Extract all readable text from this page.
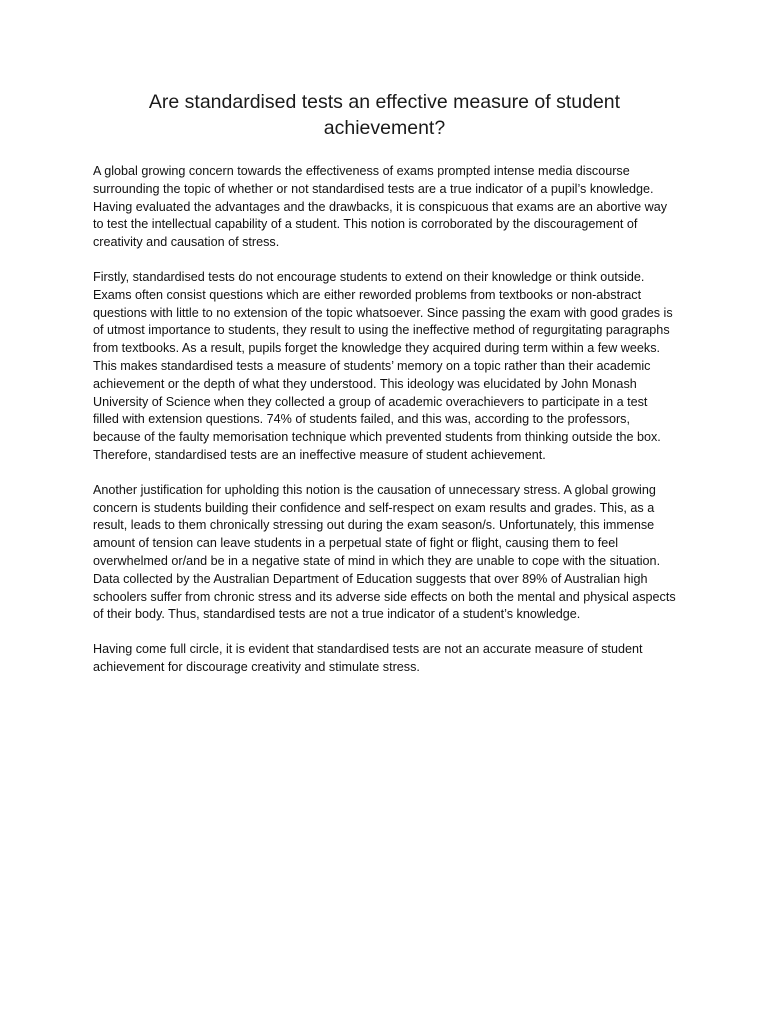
Are standardised tests an effective measure of student achievement?

A global growing concern towards the effectiveness of exams prompted intense media discourse surrounding the topic of whether or not standardised tests are a true indicator of a pupil’s knowledge. Having evaluated the advantages and the drawbacks, it is conspicuous that exams are an abortive way to test the intellectual capability of a student. This notion is corroborated by the discouragement of creativity and causation of stress.

Firstly, standardised tests do not encourage students to extend on their knowledge or think outside. Exams often consist questions which are either reworded problems from textbooks or non-abstract questions with little to no extension of the topic whatsoever. Since passing the exam with good grades is of utmost importance to students, they result to using the ineffective method of regurgitating paragraphs from textbooks. As a result, pupils forget the knowledge they acquired during term within a few weeks. This makes standardised tests a measure of students’ memory on a topic rather than their academic achievement or the depth of what they understood. This ideology was elucidated by John Monash University of Science when they collected a group of academic overachievers to participate in a test filled with extension questions. 74% of students failed, and this was, according to the professors, because of the faulty memorisation technique which prevented students from thinking outside the box. Therefore, standardised tests are an ineffective measure of student achievement.

Another justification for upholding this notion is the causation of unnecessary stress. A global growing concern is students building their confidence and self-respect on exam results and grades. This, as a result, leads to them chronically stressing out during the exam season/s. Unfortunately, this immense amount of tension can leave students in a perpetual state of fight or flight, causing them to feel overwhelmed or/and be in a negative state of mind in which they are unable to cope with the situation. Data collected by the Australian Department of Education suggests that over 89% of Australian high schoolers suffer from chronic stress and its adverse side effects on both the mental and physical aspects of their body. Thus, standardised tests are not a true indicator of a student’s knowledge.

Having come full circle, it is evident that standardised tests are not an accurate measure of student achievement for discourage creativity and stimulate stress.
